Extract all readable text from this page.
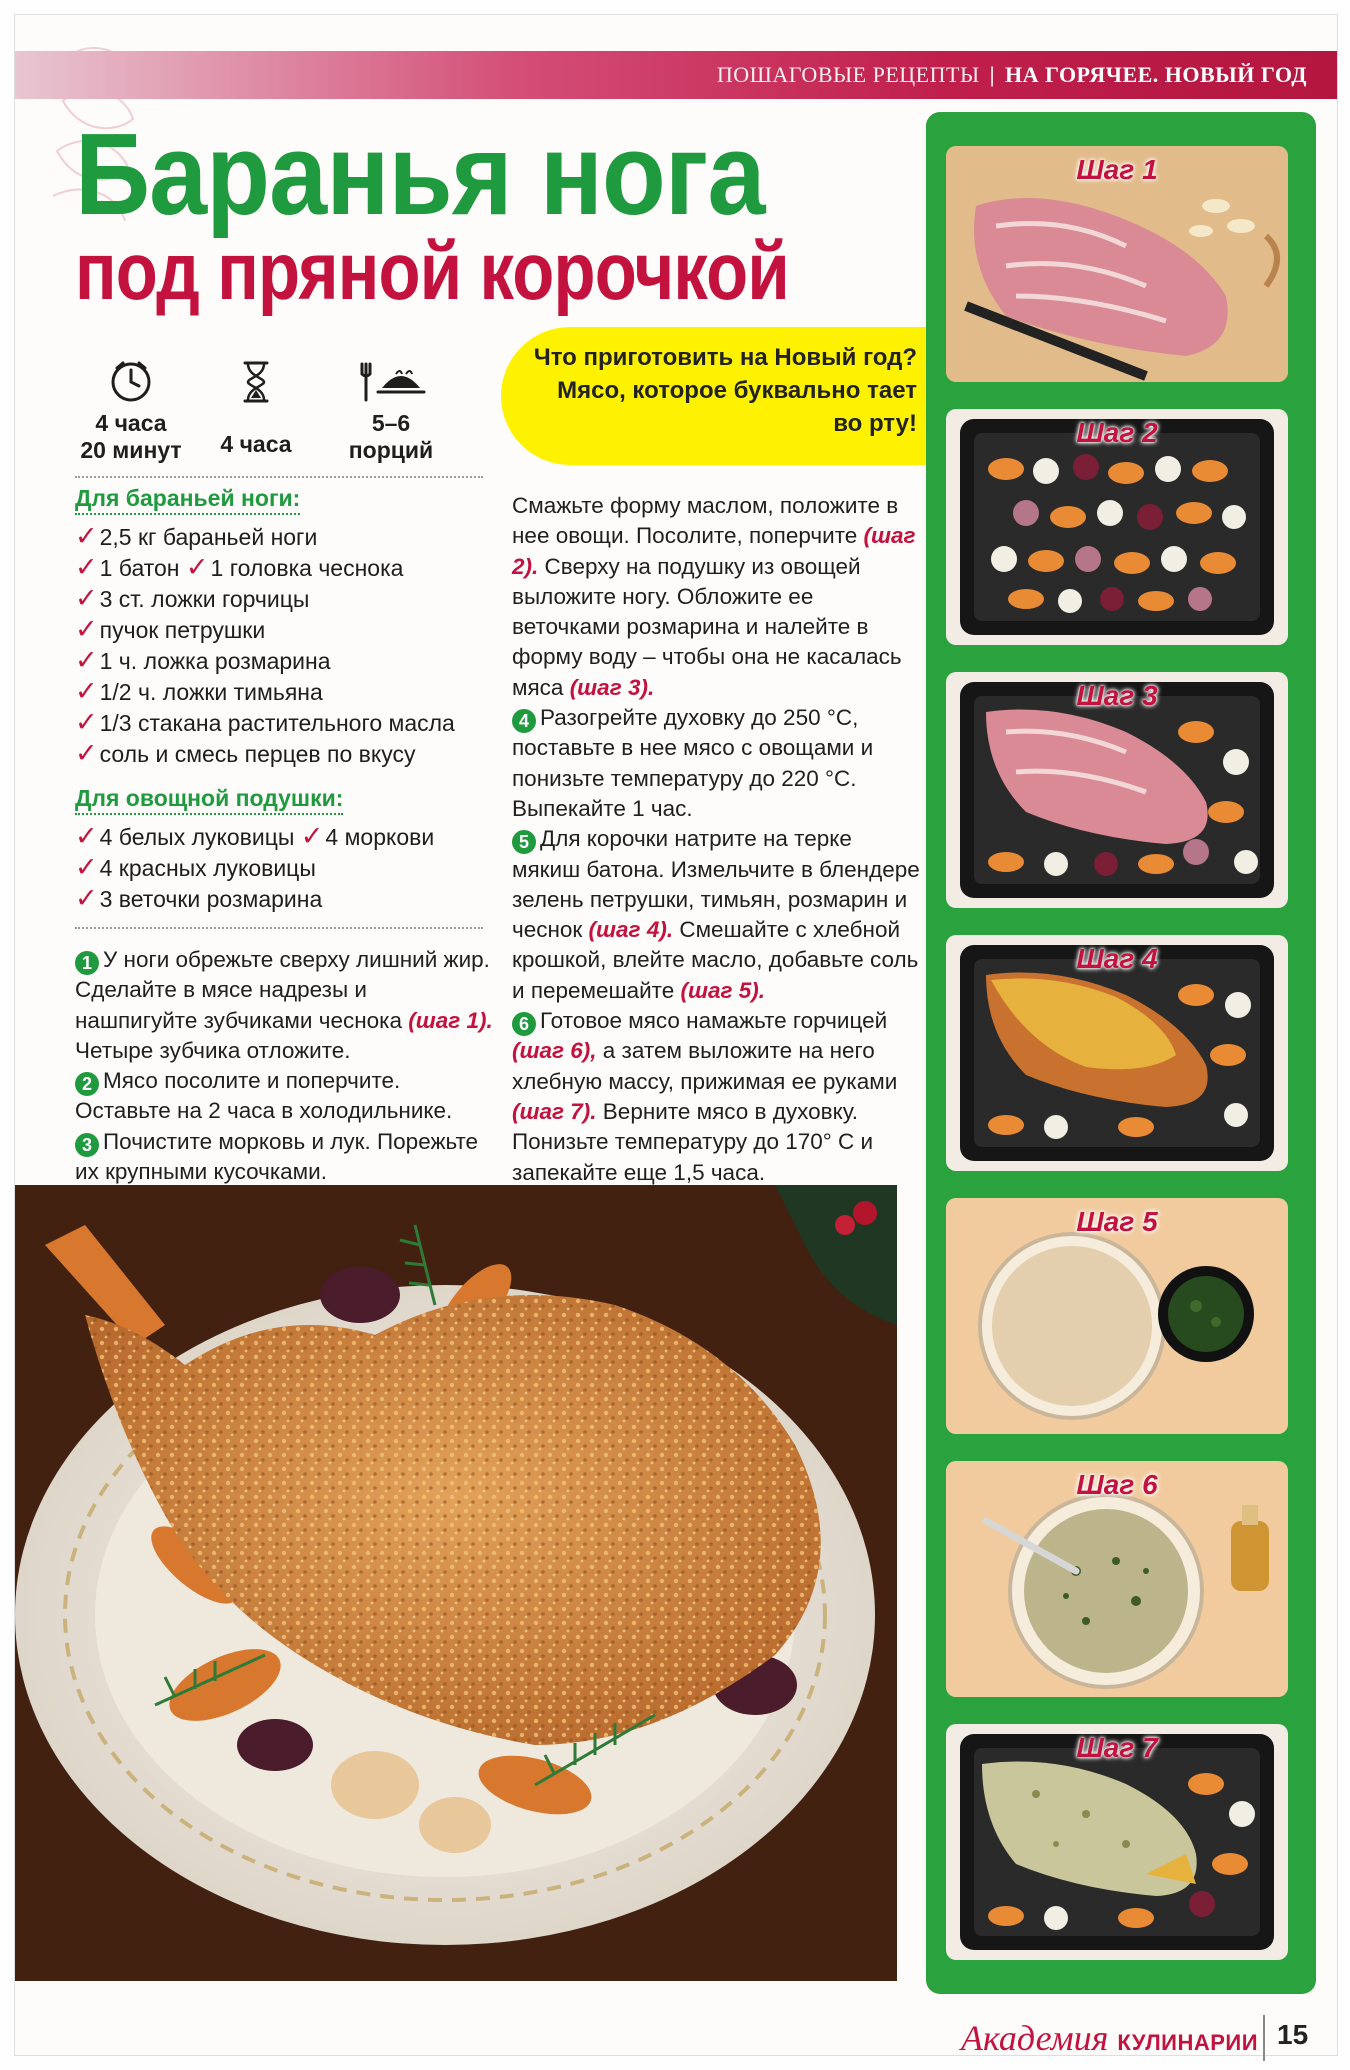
ПОШАГОВЫЕ РЕЦЕПТЫ | НА ГОРЯЧЕЕ. НОВЫЙ ГОД
Баранья нога
под пряной корочкой
4 часа
20 минут	4 часа
5–6
порций
Что приготовить на Новый год? Мясо, которое буквально тает во рту!
Для бараньей ноги:
✓2,5 кг бараньей ноги
✓1 батон ✓1 головка чеснока
✓3 ст. ложки горчицы
✓пучок петрушки
✓1 ч. ложка розмарина
✓1/2 ч. ложки тимьяна
✓1/3 стакана растительного масла
✓соль и смесь перцев по вкусу
Для овощной подушки:
✓4 белых луковицы ✓4 моркови
✓4 красных луковицы
✓3 веточки розмарина
1 У ноги обрежьте сверху лишний жир. Сделайте в мясе надрезы и нашпигуйте зубчиками чеснока (шаг 1). Четыре зубчика отложите.
2 Мясо посолите и поперчите. Оставьте на 2 часа в холодильнике.
3 Почистите морковь и лук. Порежьте их крупными кусочками.
Смажьте форму маслом, положите в нее овощи. Посолите, поперчите (шаг 2). Сверху на подушку из овощей выложите ногу. Обложите ее веточками розмарина и налейте в форму воду – чтобы она не касалась мяса (шаг 3).
4 Разогрейте духовку до 250 °C, поставьте в нее мясо с овощами и понизьте температуру до 220 °C. Выпекайте 1 час.
5 Для корочки натрите на терке мякиш батона. Измельчите в блендере зелень петрушки, тимьян, розмарин и чеснок (шаг 4). Смешайте с хлебной крошкой, влейте масло, добавьте соль и перемешайте (шаг 5).
6 Готовое мясо намажьте горчицей (шаг 6), а затем выложите на него хлебную массу, прижимая ее руками (шаг 7). Верните мясо в духовку. Понизьте температуру до 170° С и запекайте еще 1,5 часа.
Шаг 1
Шаг 2
Шаг 3
Шаг 4
Шаг 5
Шаг 6
Шаг 7
Академия КУЛИНАРИИ 15
